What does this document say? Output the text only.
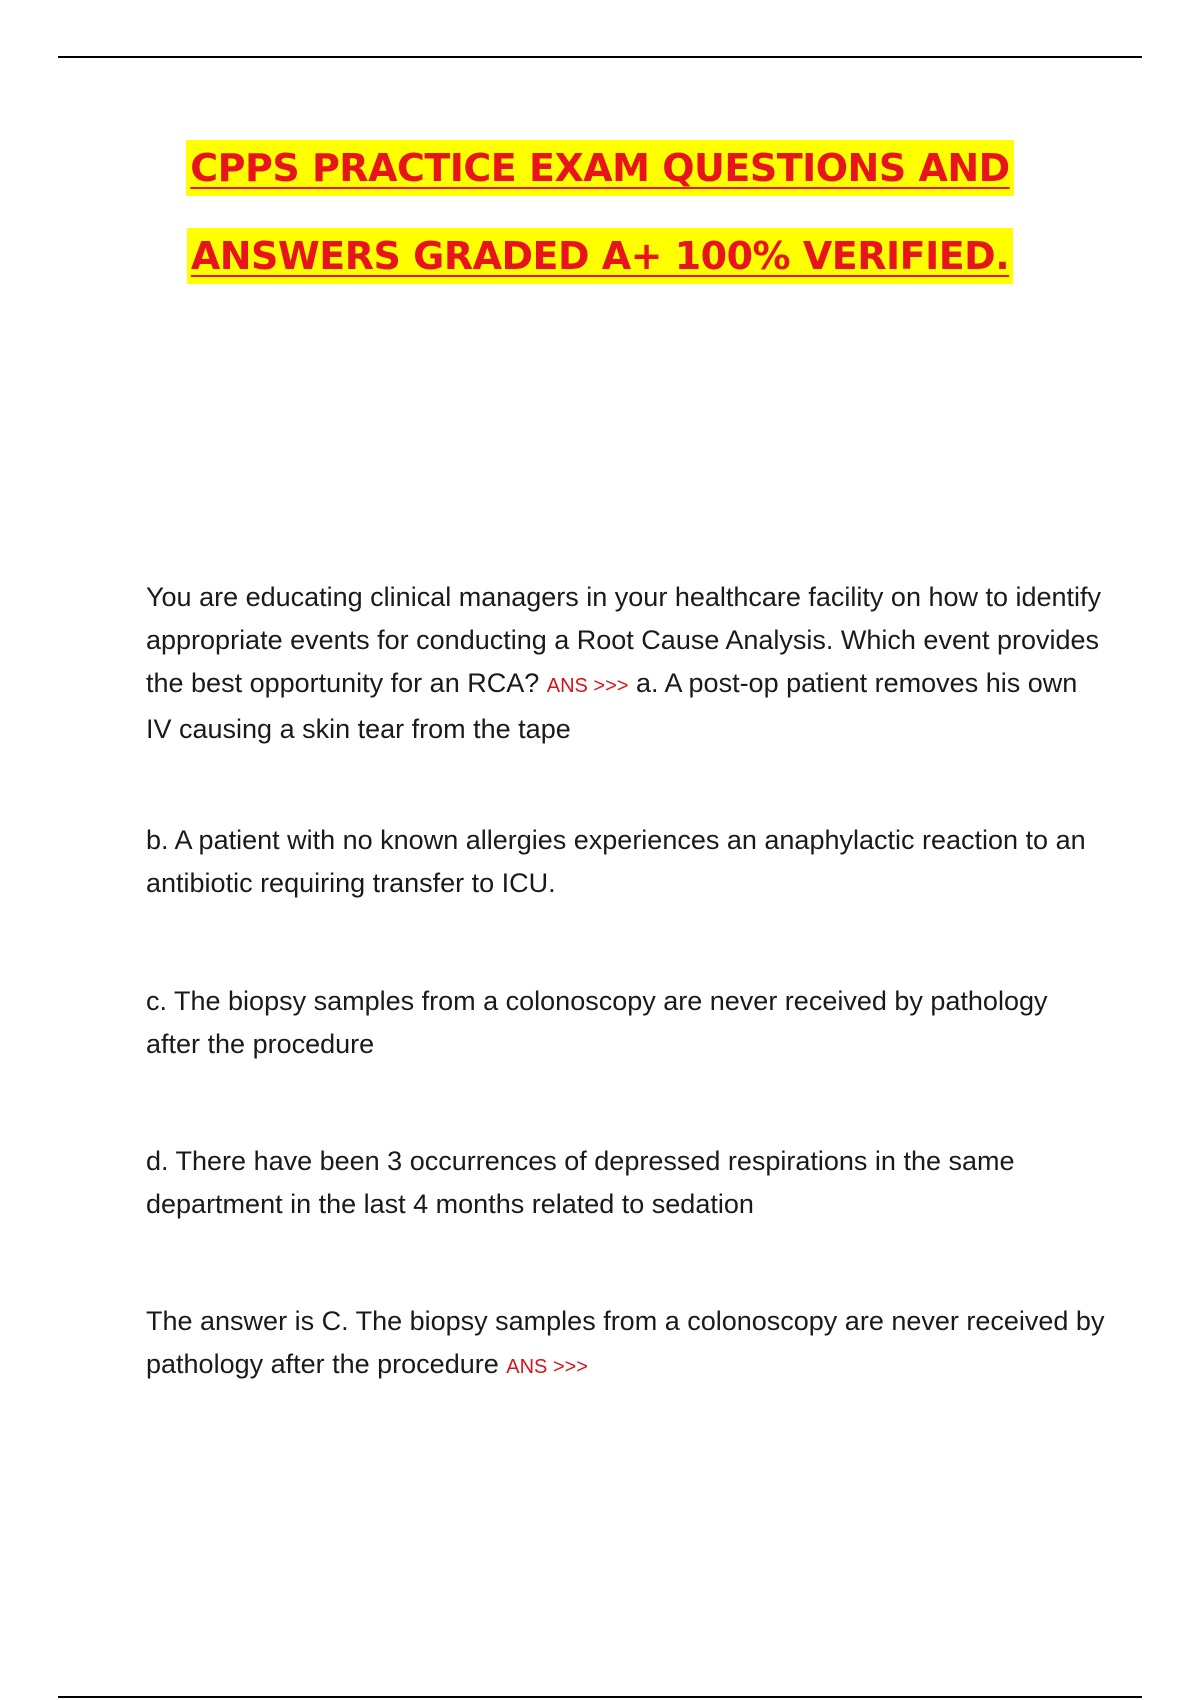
CPPS PRACTICE EXAM QUESTIONS AND
ANSWERS GRADED A+ 100% VERIFIED.

You are educating clinical managers in your healthcare facility on how to identify appropriate events for conducting a Root Cause Analysis. Which event provides the best opportunity for an RCA? ANS >>> a. A post-op patient removes his own IV causing a skin tear from the tape

b. A patient with no known allergies experiences an anaphylactic reaction to an antibiotic requiring transfer to ICU.

c. The biopsy samples from a colonoscopy are never received by pathology after the procedure

d. There have been 3 occurrences of depressed respirations in the same department in the last 4 months related to sedation

The answer is C. The biopsy samples from a colonoscopy are never received by pathology after the procedure ANS >>>
